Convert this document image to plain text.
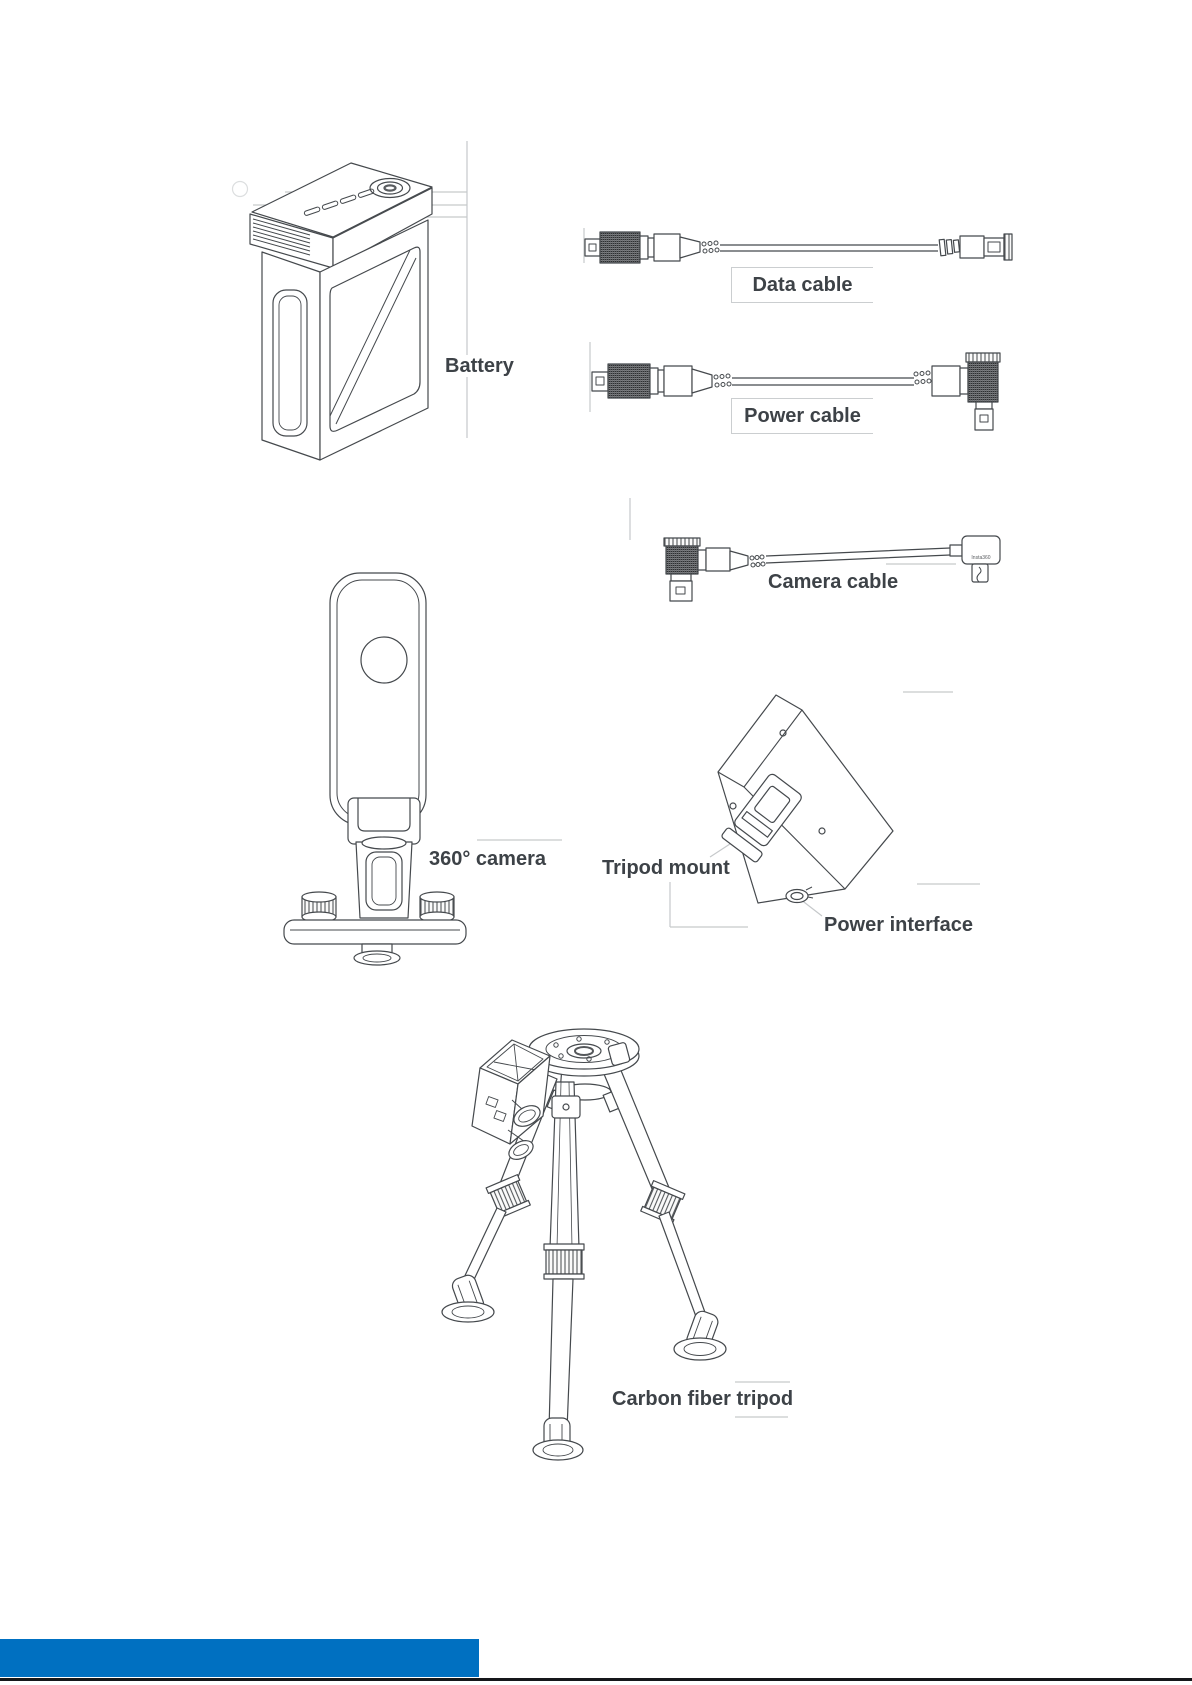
Insta360
Battery
Data cable
Power cable
Camera cable
360° camera	Tripod mount
Power interface
Carbon fiber tripod
